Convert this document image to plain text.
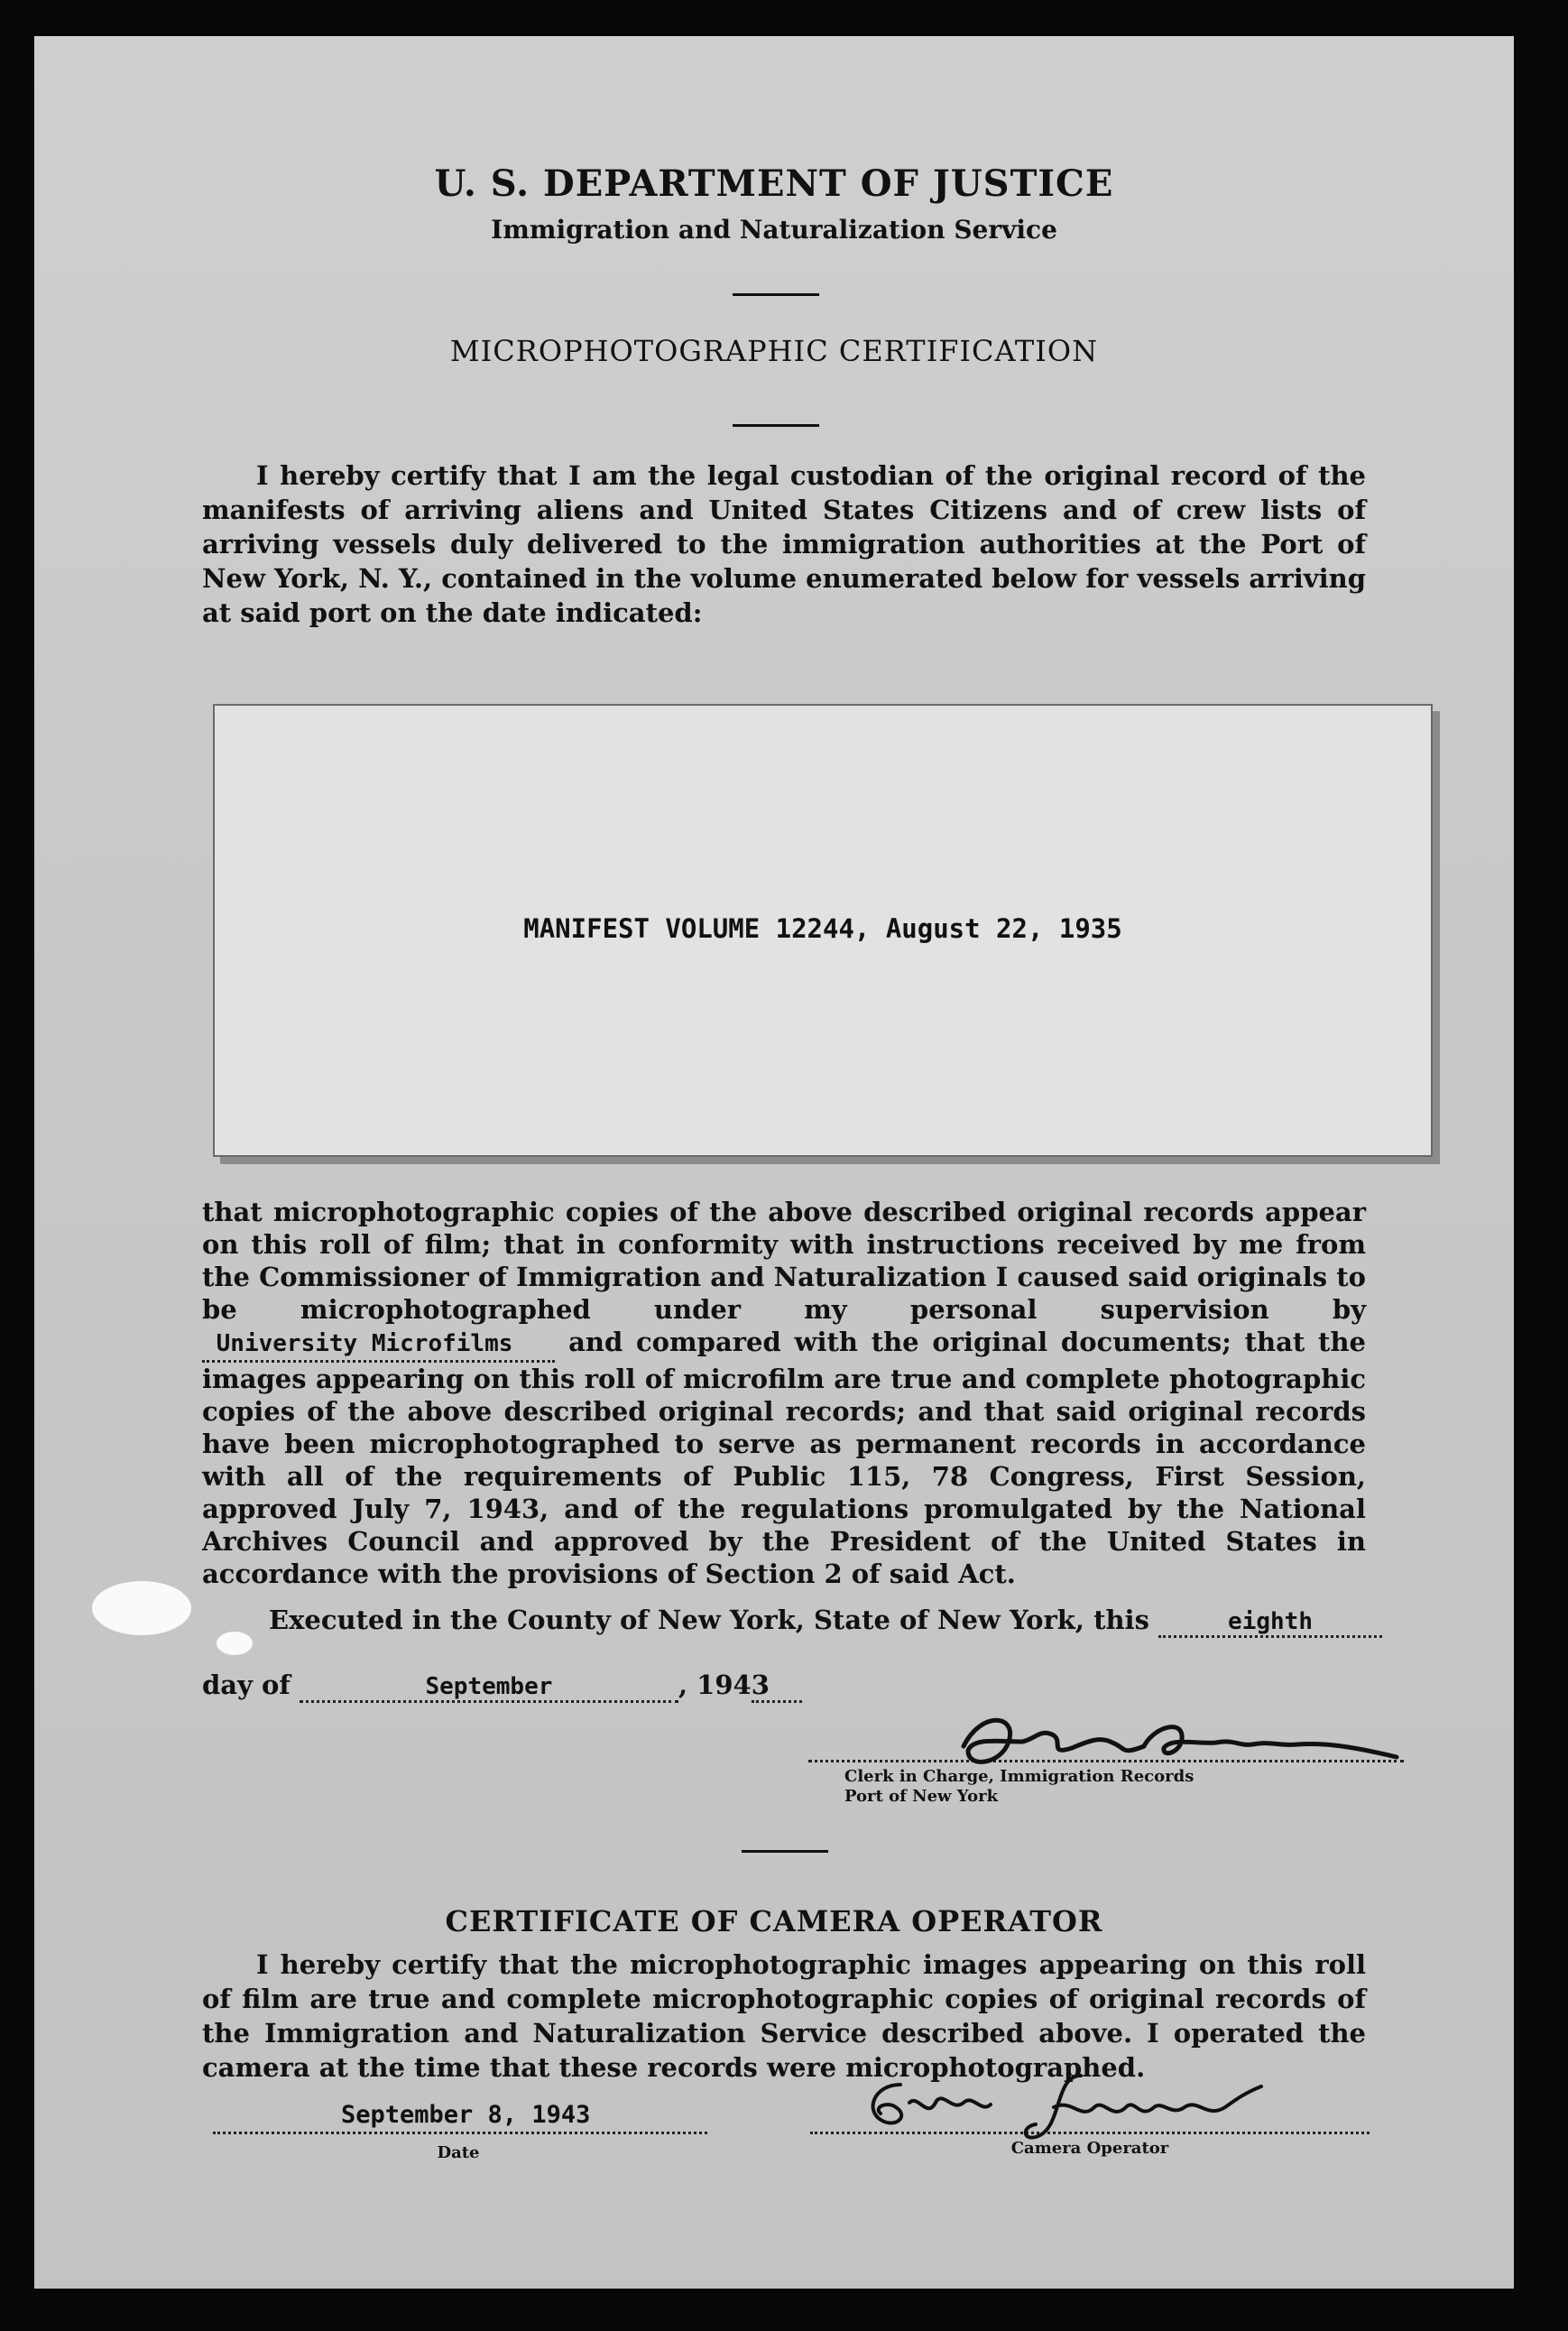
U. S. DEPARTMENT OF JUSTICE
Immigration and Naturalization Service
MICROPHOTOGRAPHIC CERTIFICATION

I hereby certify that I am the legal custodian of the original record of the manifests of arriving aliens and United States Citizens and of crew lists of arriving vessels duly delivered to the immigration authorities at the Port of New York, N. Y., contained in the volume enumerated below for vessels arriving at said port on the date indicated:

MANIFEST VOLUME 12244, August 22, 1935

that microphotographic copies of the above described original records appear on this roll of film; that in conformity with instructions received by me from the Commissioner of Immigration and Naturalization I caused said originals to be microphotographed under my personal supervision by  University Microfilms and compared with the original documents; that the images appearing on this roll of microfilm are true and complete photographic copies of the above described original records; and that said original records have been microphotographed to serve as permanent records in accordance with all of the requirements of Public 115, 78 Congress, First Session, approved July 7, 1943, and of the regulations promulgated by the National Archives Council and approved by the President of the United States in accordance with the provisions of Section 2 of said Act.

Executed in the County of New York, State of New York, this	eighth
day of	September	, 1943
Clerk in Charge, Immigration Records
Port of New York
CERTIFICATE OF CAMERA OPERATOR

I hereby certify that the microphotographic images appearing on this roll of film are true and complete microphotographic copies of original records of the Immigration and Naturalization Service described above. I operated the camera at the time that these records were microphotographed.

September 8, 1943
Date	Camera Operator
